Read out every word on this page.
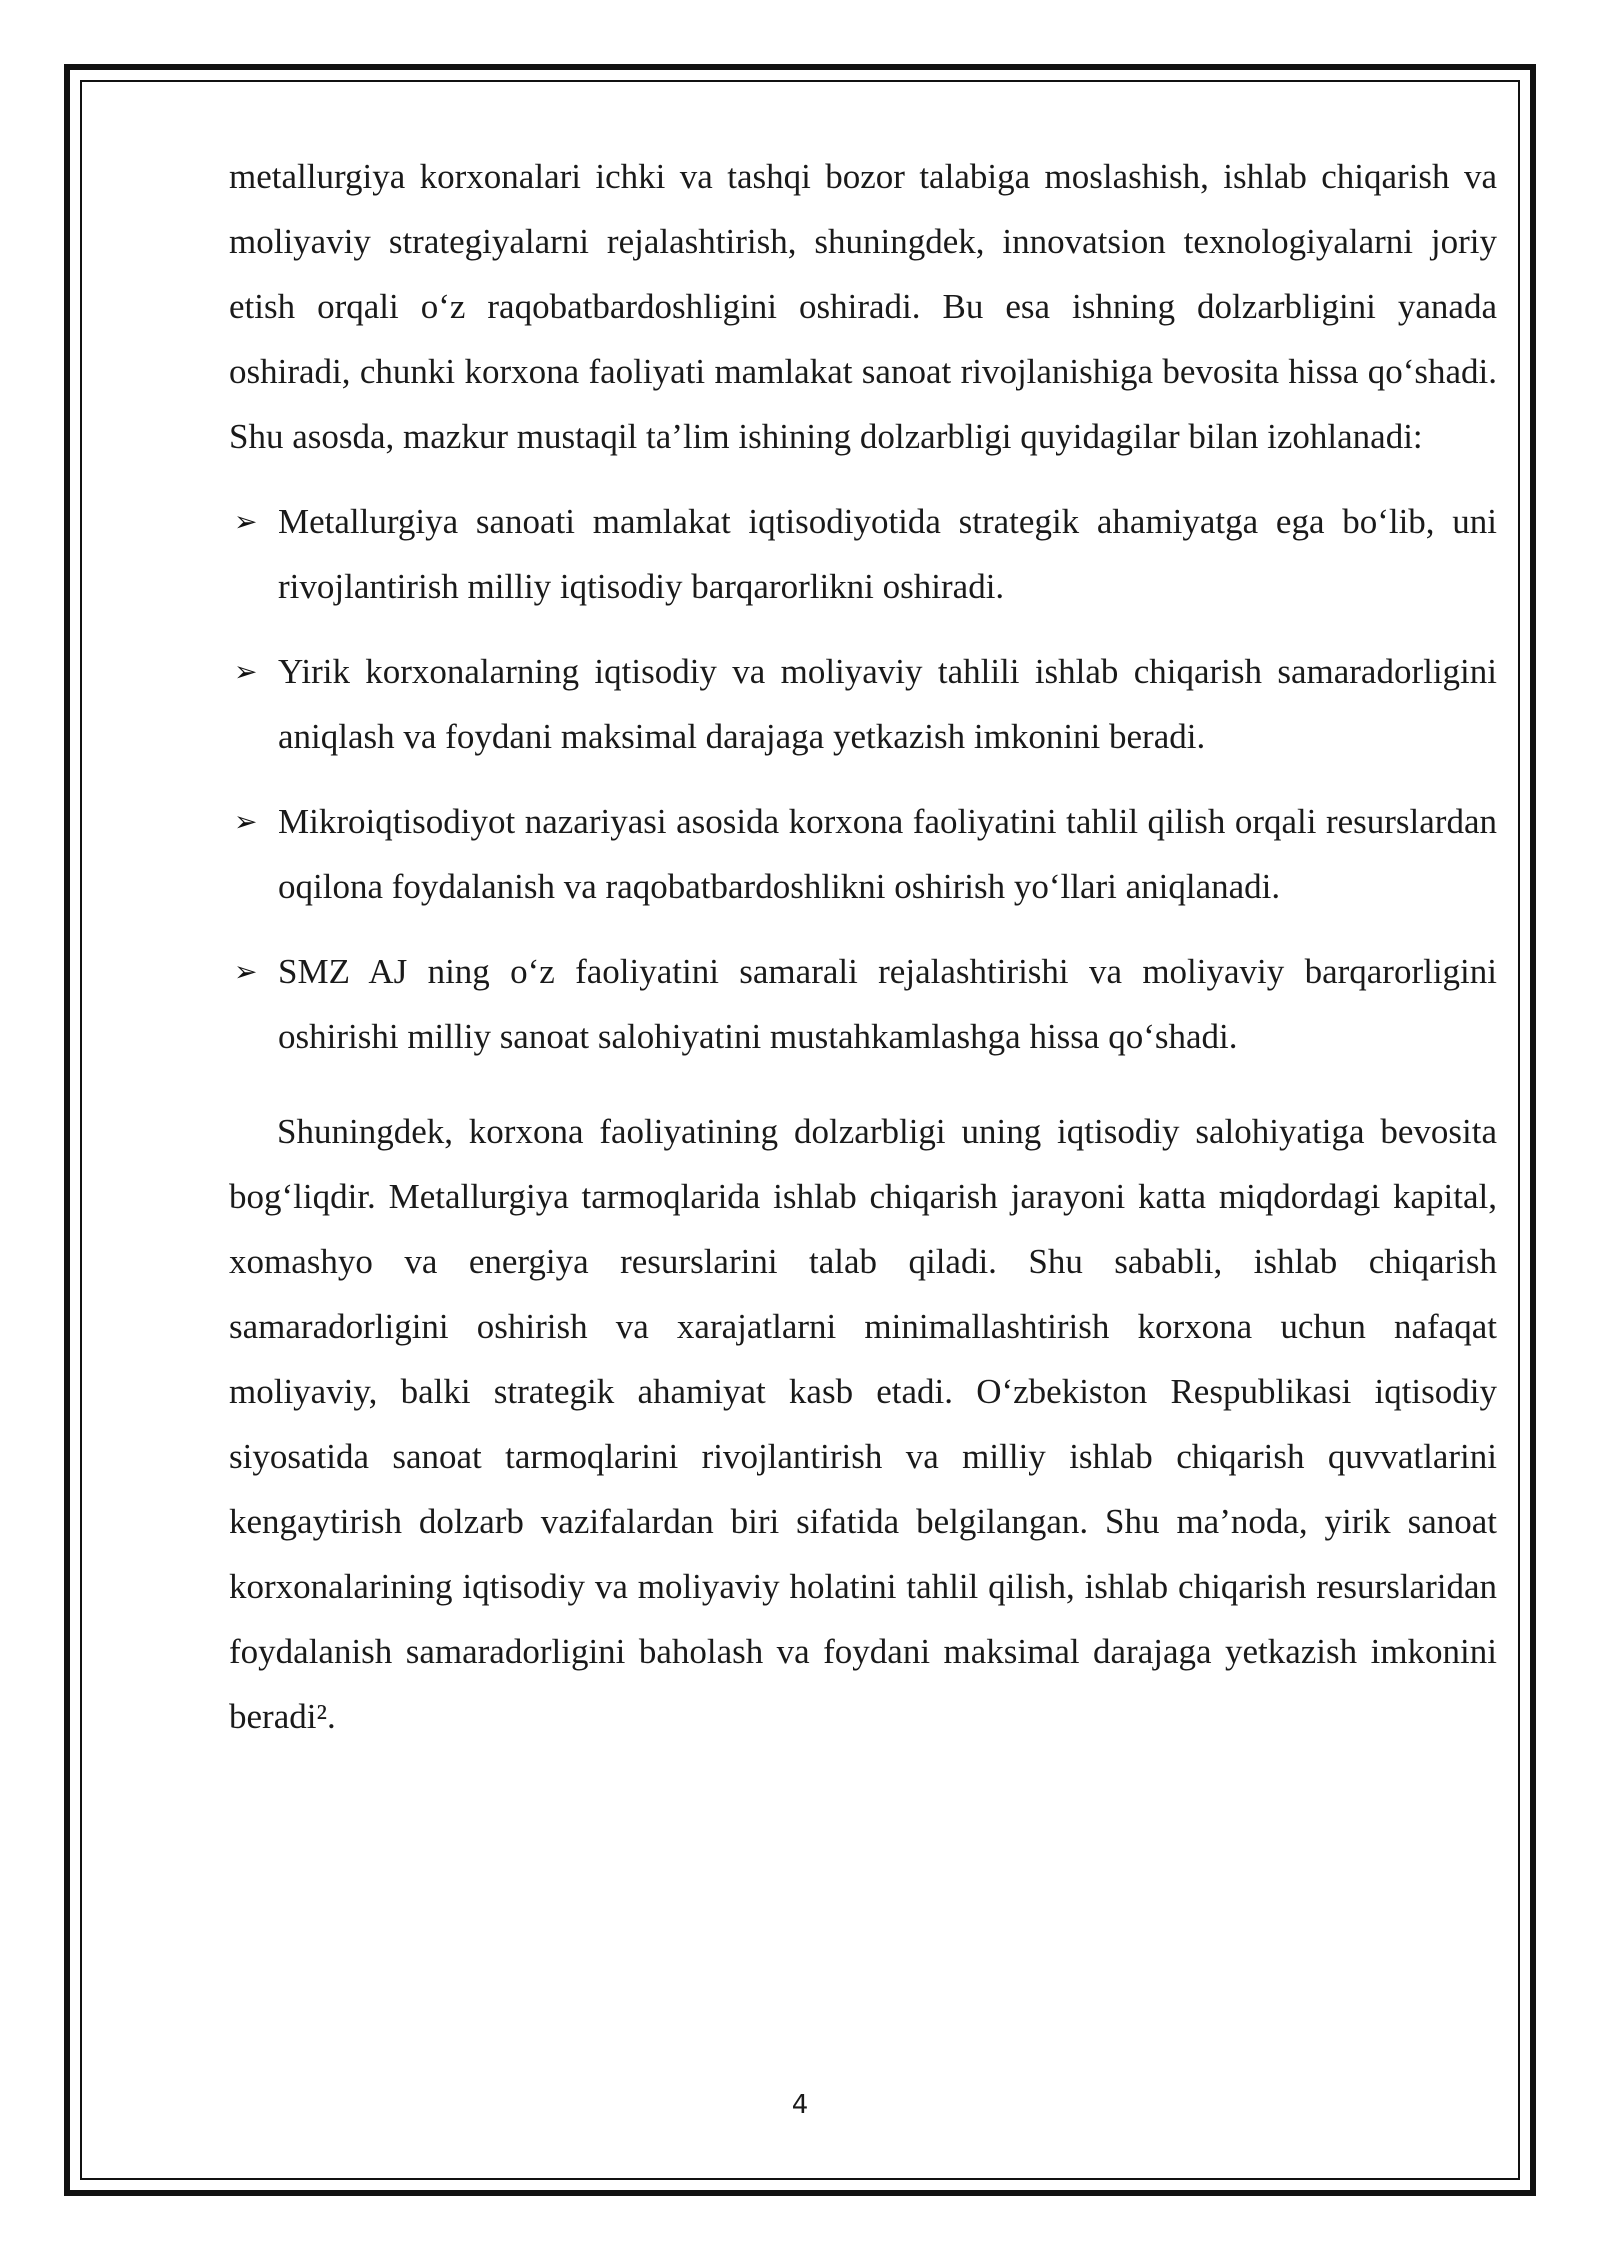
metallurgiya korxonalari ichki va tashqi bozor talabiga moslashish, ishlab chiqarish va moliyaviy strategiyalarni rejalashtirish, shuningdek, innovatsion texnologiyalarni joriy etish orqali o‘z raqobatbardoshligini oshiradi. Bu esa ishning dolzarbligini yanada oshiradi, chunki korxona faoliyati mamlakat sanoat rivojlanishiga bevosita hissa qo‘shadi. Shu asosda, mazkur mustaqil ta’lim ishining dolzarbligi quyidagilar bilan izohlanadi:

➢ Metallurgiya sanoati mamlakat iqtisodiyotida strategik ahamiyatga ega bo‘lib, uni rivojlantirish milliy iqtisodiy barqarorlikni oshiradi.
➢ Yirik korxonalarning iqtisodiy va moliyaviy tahlili ishlab chiqarish samaradorligini aniqlash va foydani maksimal darajaga yetkazish imkonini beradi.
➢ Mikroiqtisodiyot nazariyasi asosida korxona faoliyatini tahlil qilish orqali resurslardan oqilona foydalanish va raqobatbardoshlikni oshirish yo‘llari aniqlanadi.
➢ SMZ AJ ning o‘z faoliyatini samarali rejalashtirishi va moliyaviy barqarorligini oshirishi milliy sanoat salohiyatini mustahkamlashga hissa qo‘shadi.

Shuningdek, korxona faoliyatining dolzarbligi uning iqtisodiy salohiyatiga bevosita bog‘liqdir. Metallurgiya tarmoqlarida ishlab chiqarish jarayoni katta miqdordagi kapital, xomashyo va energiya resurslarini talab qiladi. Shu sababli, ishlab chiqarish samaradorligini oshirish va xarajatlarni minimallashtirish korxona uchun nafaqat moliyaviy, balki strategik ahamiyat kasb etadi. O‘zbekiston Respublikasi iqtisodiy siyosatida sanoat tarmoqlarini rivojlantirish va milliy ishlab chiqarish quvvatlarini kengaytirish dolzarb vazifalardan biri sifatida belgilangan. Shu ma’noda, yirik sanoat korxonalarining iqtisodiy va moliyaviy holatini tahlil qilish, ishlab chiqarish resurslaridan foydalanish samaradorligini baholash va foydani maksimal darajaga yetkazish imkonini beradi².

4
